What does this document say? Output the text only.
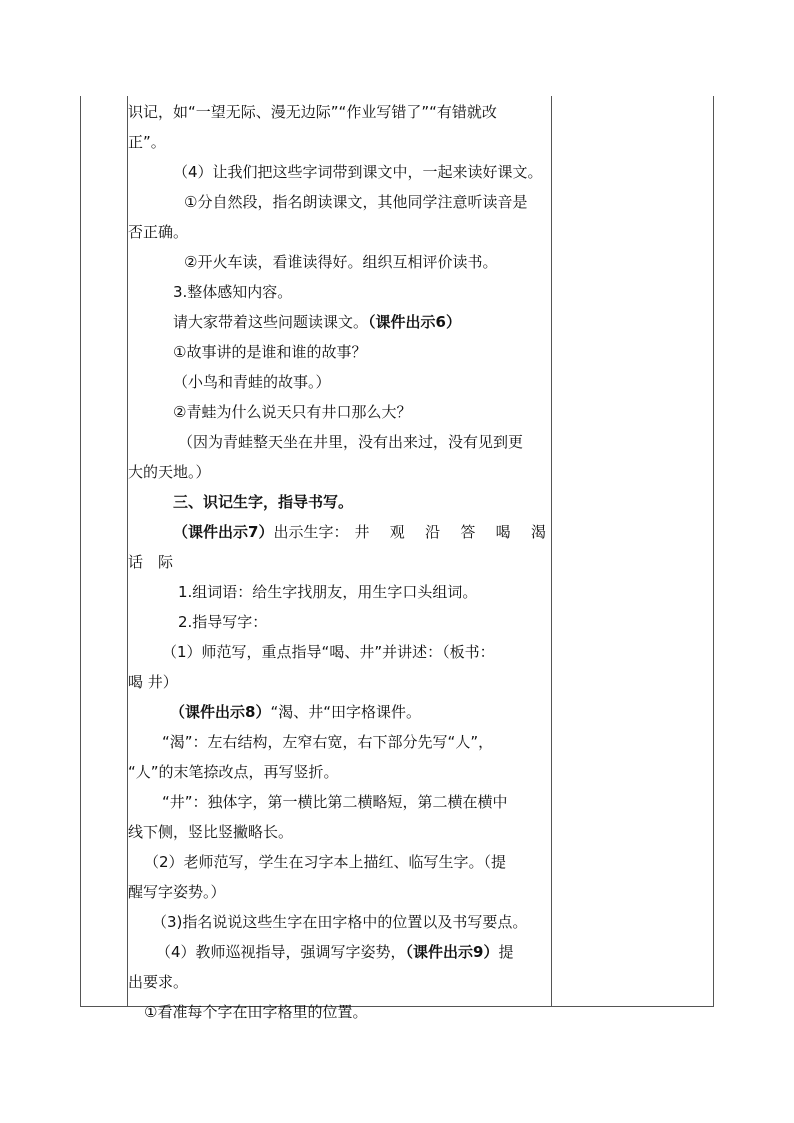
识记，如“一望无际、漫无边际”“作业写错了”“有错就改
正”。
（4）让我们把这些字词带到课文中，一起来读好课文。
①分自然段，指名朗读课文，其他同学注意听读音是
否正确。
②开火车读，看谁读得好。组织互相评价读书。
3.整体感知内容。
请大家带着这些问题读课文。（课件出示6）
①故事讲的是谁和谁的故事？
（小鸟和青蛙的故事。）
②青蛙为什么说天只有井口那么大？
（因为青蛙整天坐在井里，没有出来过，没有见到更
大的天地。）
三、识记生字，指导书写。
（课件出示7） 出示生字： 井 观 沿 答 喝 渴
话 际
1.组词语：给生字找朋友，用生字口头组词。
2.指导写字：
（1）师范写，重点指导“喝、井”并讲述：（板书：
喝 井）
（课件出示8）“渴、井“田字格课件。
“渴”：左右结构，左窄右宽，右下部分先写“人”，
“人”的末笔捺改点，再写竖折。
“井”：独体字，第一横比第二横略短，第二横在横中
线下侧，竖比竖撇略长。
（2）老师范写，学生在习字本上描红、临写生字。（提
醒写字姿势。）
（3)指名说说这些生字在田字格中的位置以及书写要点。
（4）教师巡视指导，强调写字姿势，（课件出示9）提
出要求。
①看准每个字在田字格里的位置。
